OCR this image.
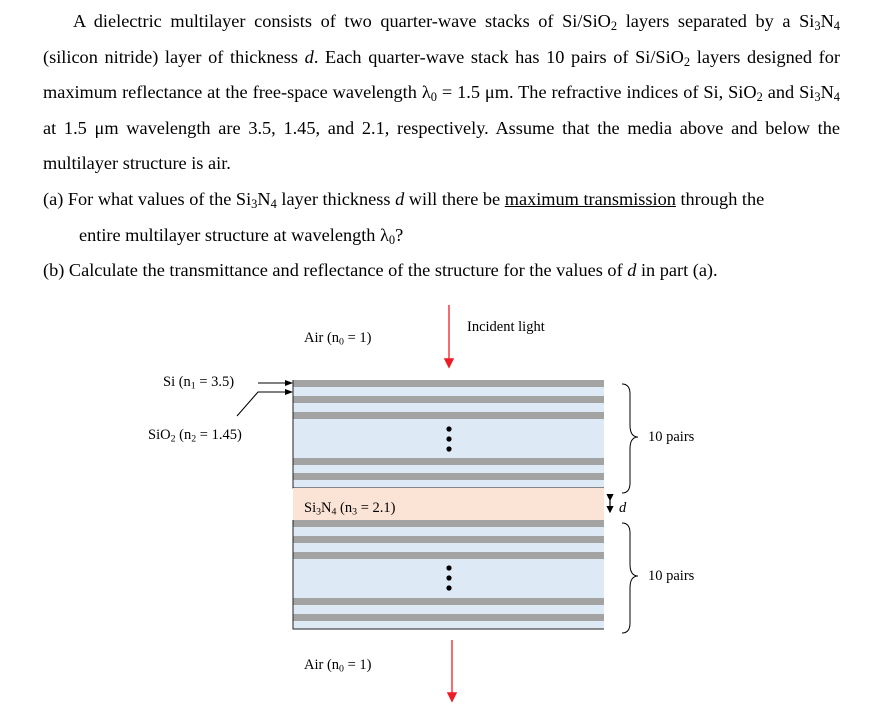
A dielectric multilayer consists of two quarter-wave stacks of Si/SiO$_2$ layers separated by a $Si_3N_4$ (silicon nitride) layer of thickness d. Each quarter-wave stack has 10 pairs of Si/SiO$_2$ layers designed for maximum reflectance at the free-space wavelength $\lambda_0 = 1.5$ μm. The refractive indices of Si, SiO$_2$ and $Si_3N_4$ at 1.5 μm wavelength are 3.5, 1.45, and 2.1, respectively. Assume that the media above and below the multilayer structure is air.
(a) For what values of the $Si_3N_4$ layer thickness d will there be maximum transmission through the
entire multilayer structure at wavelength $\lambda_0$?
(b) Calculate the transmittance and reflectance of the structure for the values of d in part (a).
Air $(n_0 = 1)$
Incident light
Si $(n_1 = 3.5)$
SiO$_2$ $(n_2 = 1.45)$	10 pairs
$Si_3N_4$ $(n_3 = 2.1)$	d
10 pairs
Air $(n_0 = 1)$
